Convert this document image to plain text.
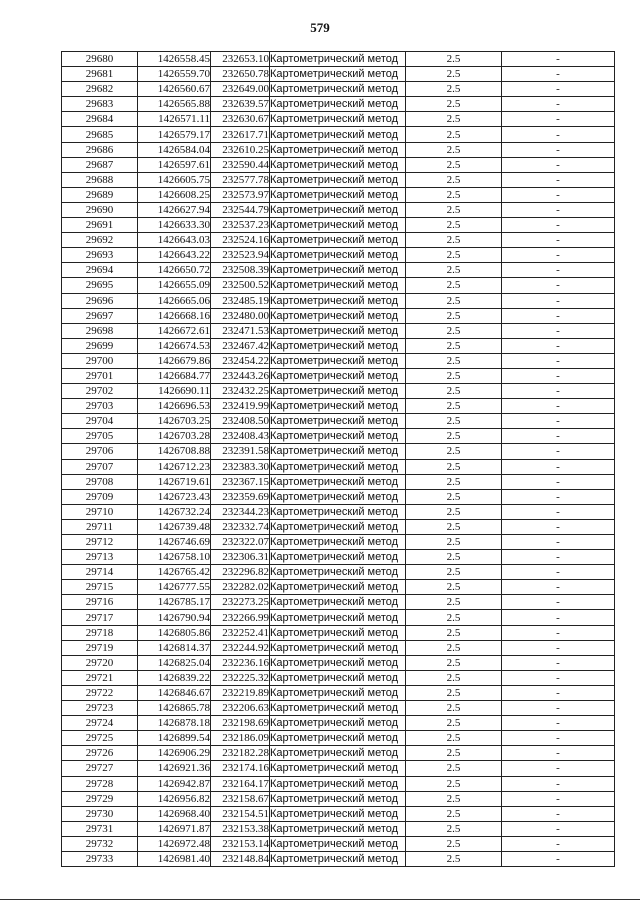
579
29680	1426558.45	232653.10	Картометрический метод	2.5	-
29681	1426559.70	232650.78	Картометрический метод	2.5	-
29682	1426560.67	232649.00	Картометрический метод	2.5	-
29683	1426565.88	232639.57	Картометрический метод	2.5	-
29684	1426571.11	232630.67	Картометрический метод	2.5	-
29685	1426579.17	232617.71	Картометрический метод	2.5	-
29686	1426584.04	232610.25	Картометрический метод	2.5	-
29687	1426597.61	232590.44	Картометрический метод	2.5	-
29688	1426605.75	232577.78	Картометрический метод	2.5	-
29689	1426608.25	232573.97	Картометрический метод	2.5	-
29690	1426627.94	232544.79	Картометрический метод	2.5	-
29691	1426633.30	232537.23	Картометрический метод	2.5	-
29692	1426643.03	232524.16	Картометрический метод	2.5	-
29693	1426643.22	232523.94	Картометрический метод	2.5	-
29694	1426650.72	232508.39	Картометрический метод	2.5	-
29695	1426655.09	232500.52	Картометрический метод	2.5	-
29696	1426665.06	232485.19	Картометрический метод	2.5	-
29697	1426668.16	232480.00	Картометрический метод	2.5	-
29698	1426672.61	232471.53	Картометрический метод	2.5	-
29699	1426674.53	232467.42	Картометрический метод	2.5	-
29700	1426679.86	232454.22	Картометрический метод	2.5	-
29701	1426684.77	232443.26	Картометрический метод	2.5	-
29702	1426690.11	232432.25	Картометрический метод	2.5	-
29703	1426696.53	232419.99	Картометрический метод	2.5	-
29704	1426703.25	232408.50	Картометрический метод	2.5	-
29705	1426703.28	232408.43	Картометрический метод	2.5	-
29706	1426708.88	232391.58	Картометрический метод	2.5	-
29707	1426712.23	232383.30	Картометрический метод	2.5	-
29708	1426719.61	232367.15	Картометрический метод	2.5	-
29709	1426723.43	232359.69	Картометрический метод	2.5	-
29710	1426732.24	232344.23	Картометрический метод	2.5	-
29711	1426739.48	232332.74	Картометрический метод	2.5	-
29712	1426746.69	232322.07	Картометрический метод	2.5	-
29713	1426758.10	232306.31	Картометрический метод	2.5	-
29714	1426765.42	232296.82	Картометрический метод	2.5	-
29715	1426777.55	232282.02	Картометрический метод	2.5	-
29716	1426785.17	232273.25	Картометрический метод	2.5	-
29717	1426790.94	232266.99	Картометрический метод	2.5	-
29718	1426805.86	232252.41	Картометрический метод	2.5	-
29719	1426814.37	232244.92	Картометрический метод	2.5	-
29720	1426825.04	232236.16	Картометрический метод	2.5	-
29721	1426839.22	232225.32	Картометрический метод	2.5	-
29722	1426846.67	232219.89	Картометрический метод	2.5	-
29723	1426865.78	232206.63	Картометрический метод	2.5	-
29724	1426878.18	232198.69	Картометрический метод	2.5	-
29725	1426899.54	232186.09	Картометрический метод	2.5	-
29726	1426906.29	232182.28	Картометрический метод	2.5	-
29727	1426921.36	232174.16	Картометрический метод	2.5	-
29728	1426942.87	232164.17	Картометрический метод	2.5	-
29729	1426956.82	232158.67	Картометрический метод	2.5	-
29730	1426968.40	232154.51	Картометрический метод	2.5	-
29731	1426971.87	232153.38	Картометрический метод	2.5	-
29732	1426972.48	232153.14	Картометрический метод	2.5	-
29733	1426981.40	232148.84	Картометрический метод	2.5	-
